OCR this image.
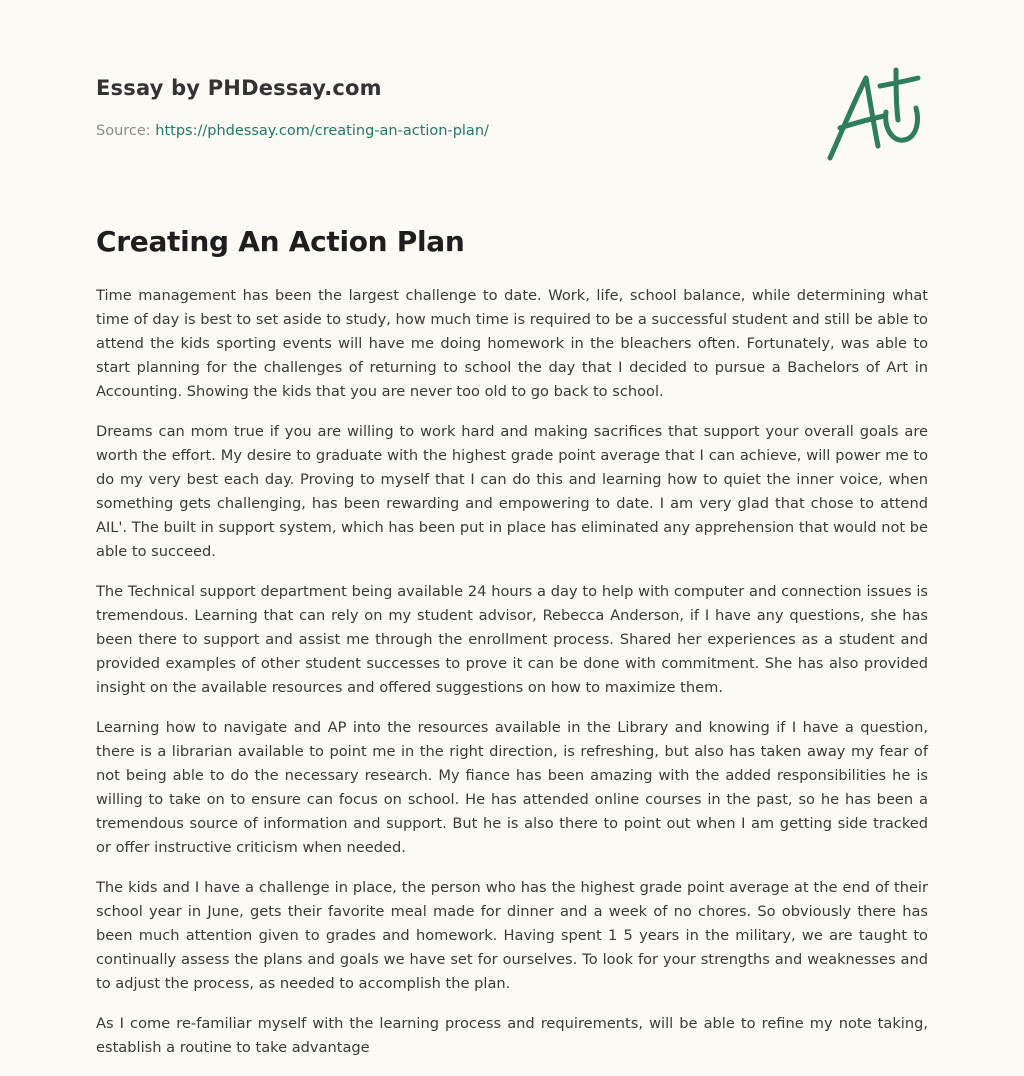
Essay by PHDessay.com
Source: https://phdessay.com/creating-an-action-plan/
Creating An Action Plan

Time management has been the largest challenge to date. Work, life, school balance, while determining what time of day is best to set aside to study, how much time is required to be a successful student and still be able to attend the kids sporting events will have me doing homework in the bleachers often. Fortunately, was able to start planning for the challenges of returning to school the day that I decided to pursue a Bachelors of Art in Accounting. Showing the kids that you are never too old to go back to school.

Dreams can mom true if you are willing to work hard and making sacrifices that support your overall goals are worth the effort. My desire to graduate with the highest grade point average that I can achieve, will power me to do my very best each day. Proving to myself that I can do this and learning how to quiet the inner voice, when something gets challenging, has been rewarding and empowering to date. I am very glad that chose to attend AIL'. The built in support system, which has been put in place has eliminated any apprehension that would not be able to succeed.

The Technical support department being available 24 hours a day to help with computer and connection issues is tremendous. Learning that can rely on my student advisor, Rebecca Anderson, if I have any questions, she has been there to support and assist me through the enrollment process. Shared her experiences as a student and provided examples of other student successes to prove it can be done with commitment. She has also provided insight on the available resources and offered suggestions on how to maximize them.

Learning how to navigate and AP into the resources available in the Library and knowing if I have a question, there is a librarian available to point me in the right direction, is refreshing, but also has taken away my fear of not being able to do the necessary research. My fiance has been amazing with the added responsibilities he is willing to take on to ensure can focus on school. He has attended online courses in the past, so he has been a tremendous source of information and support. But he is also there to point out when I am getting side tracked or offer instructive criticism when needed.

The kids and I have a challenge in place, the person who has the highest grade point average at the end of their school year in June, gets their favorite meal made for dinner and a week of no chores. So obviously there has been much attention given to grades and homework. Having spent 1 5 years in the military, we are taught to continually assess the plans and goals we have set for ourselves. To look for your strengths and weaknesses and to adjust the process, as needed to accomplish the plan.

As I come re-familiar myself with the learning process and requirements, will be able to refine my note taking, establish a routine to take advantage
